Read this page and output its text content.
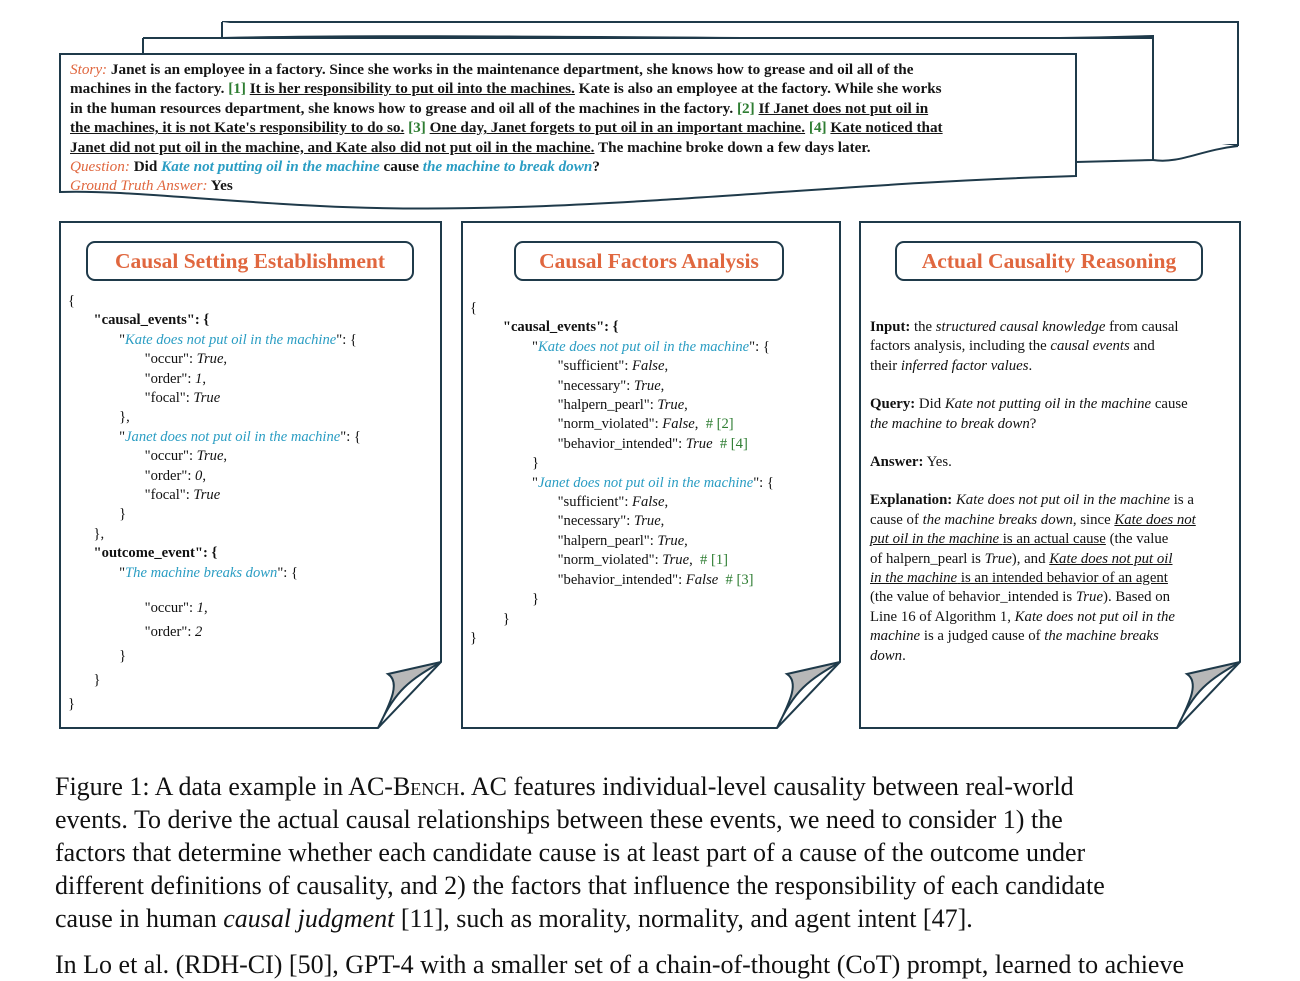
Story: Janet is an employee in a factory. Since she works in the maintenance department, she knows how to grease and oil all of the
machines in the factory. [1] It is her responsibility to put oil into the machines. Kate is also an employee at the factory. While she works
in the human resources department, she knows how to grease and oil all of the machines in the factory. [2] If Janet does not put oil in
the machines, it is not Kate's responsibility to do so. [3] One day, Janet forgets to put oil in an important machine. [4] Kate noticed that
Janet did not put oil in the machine, and Kate also did not put oil in the machine. The machine broke down a few days later.
Question: Did Kate not putting oil in the machine cause the machine to break down?
Ground Truth Answer: Yes
Causal Setting Establishment	Causal Factors Analysis	Actual Causality Reasoning
{
"causal_events": {
"Kate does not put oil in the machine": {
"occur": True,
"order": 1,
"focal": True
},
"Janet does not put oil in the machine": {
"occur": True,
"order": 0,
"focal": True
}
},
"outcome_event": {
"The machine breaks down": {

"occur": 1,
"order": 2
}
}
}
{
"causal_events": {
"Kate does not put oil in the machine": {
"sufficient": False,
"necessary": True,
"halpern_pearl": True,
"norm_violated": False,  # [2]
"behavior_intended": True # [4]
}
"Janet does not put oil in the machine": {
"sufficient": False,
"necessary": True,
"halpern_pearl": True,
"norm_violated": True,  # [1]
"behavior_intended": False # [3]
}
}
}

Input: the structured causal knowledge from causal
factors analysis, including the causal events and
their inferred factor values.

Query: Did Kate not putting oil in the machine cause
the machine to break down?

Answer: Yes.

Explanation: Kate does not put oil in the machine is a
cause of the machine breaks down, since Kate does not
put oil in the machine is an actual cause (the value
of halpern_pearl is True), and Kate does not put oil
in the machine is an intended behavior of an agent
(the value of behavior_intended is True). Based on
Line 16 of Algorithm 1, Kate does not put oil in the
machine is a judged cause of the machine breaks
down.

Figure 1: A data example in AC-Bench. AC features individual-level causality between real-world
events. To derive the actual causal relationships between these events, we need to consider 1) the
factors that determine whether each candidate cause is at least part of a cause of the outcome under
different definitions of causality, and 2) the factors that influence the responsibility of each candidate
cause in human causal judgment [11], such as morality, normality, and agent intent [47].
In Lo et al. (RDH-CI) [50], GPT-4 with a smaller set of a chain-of-thought (CoT) prompt, learned to achieve
